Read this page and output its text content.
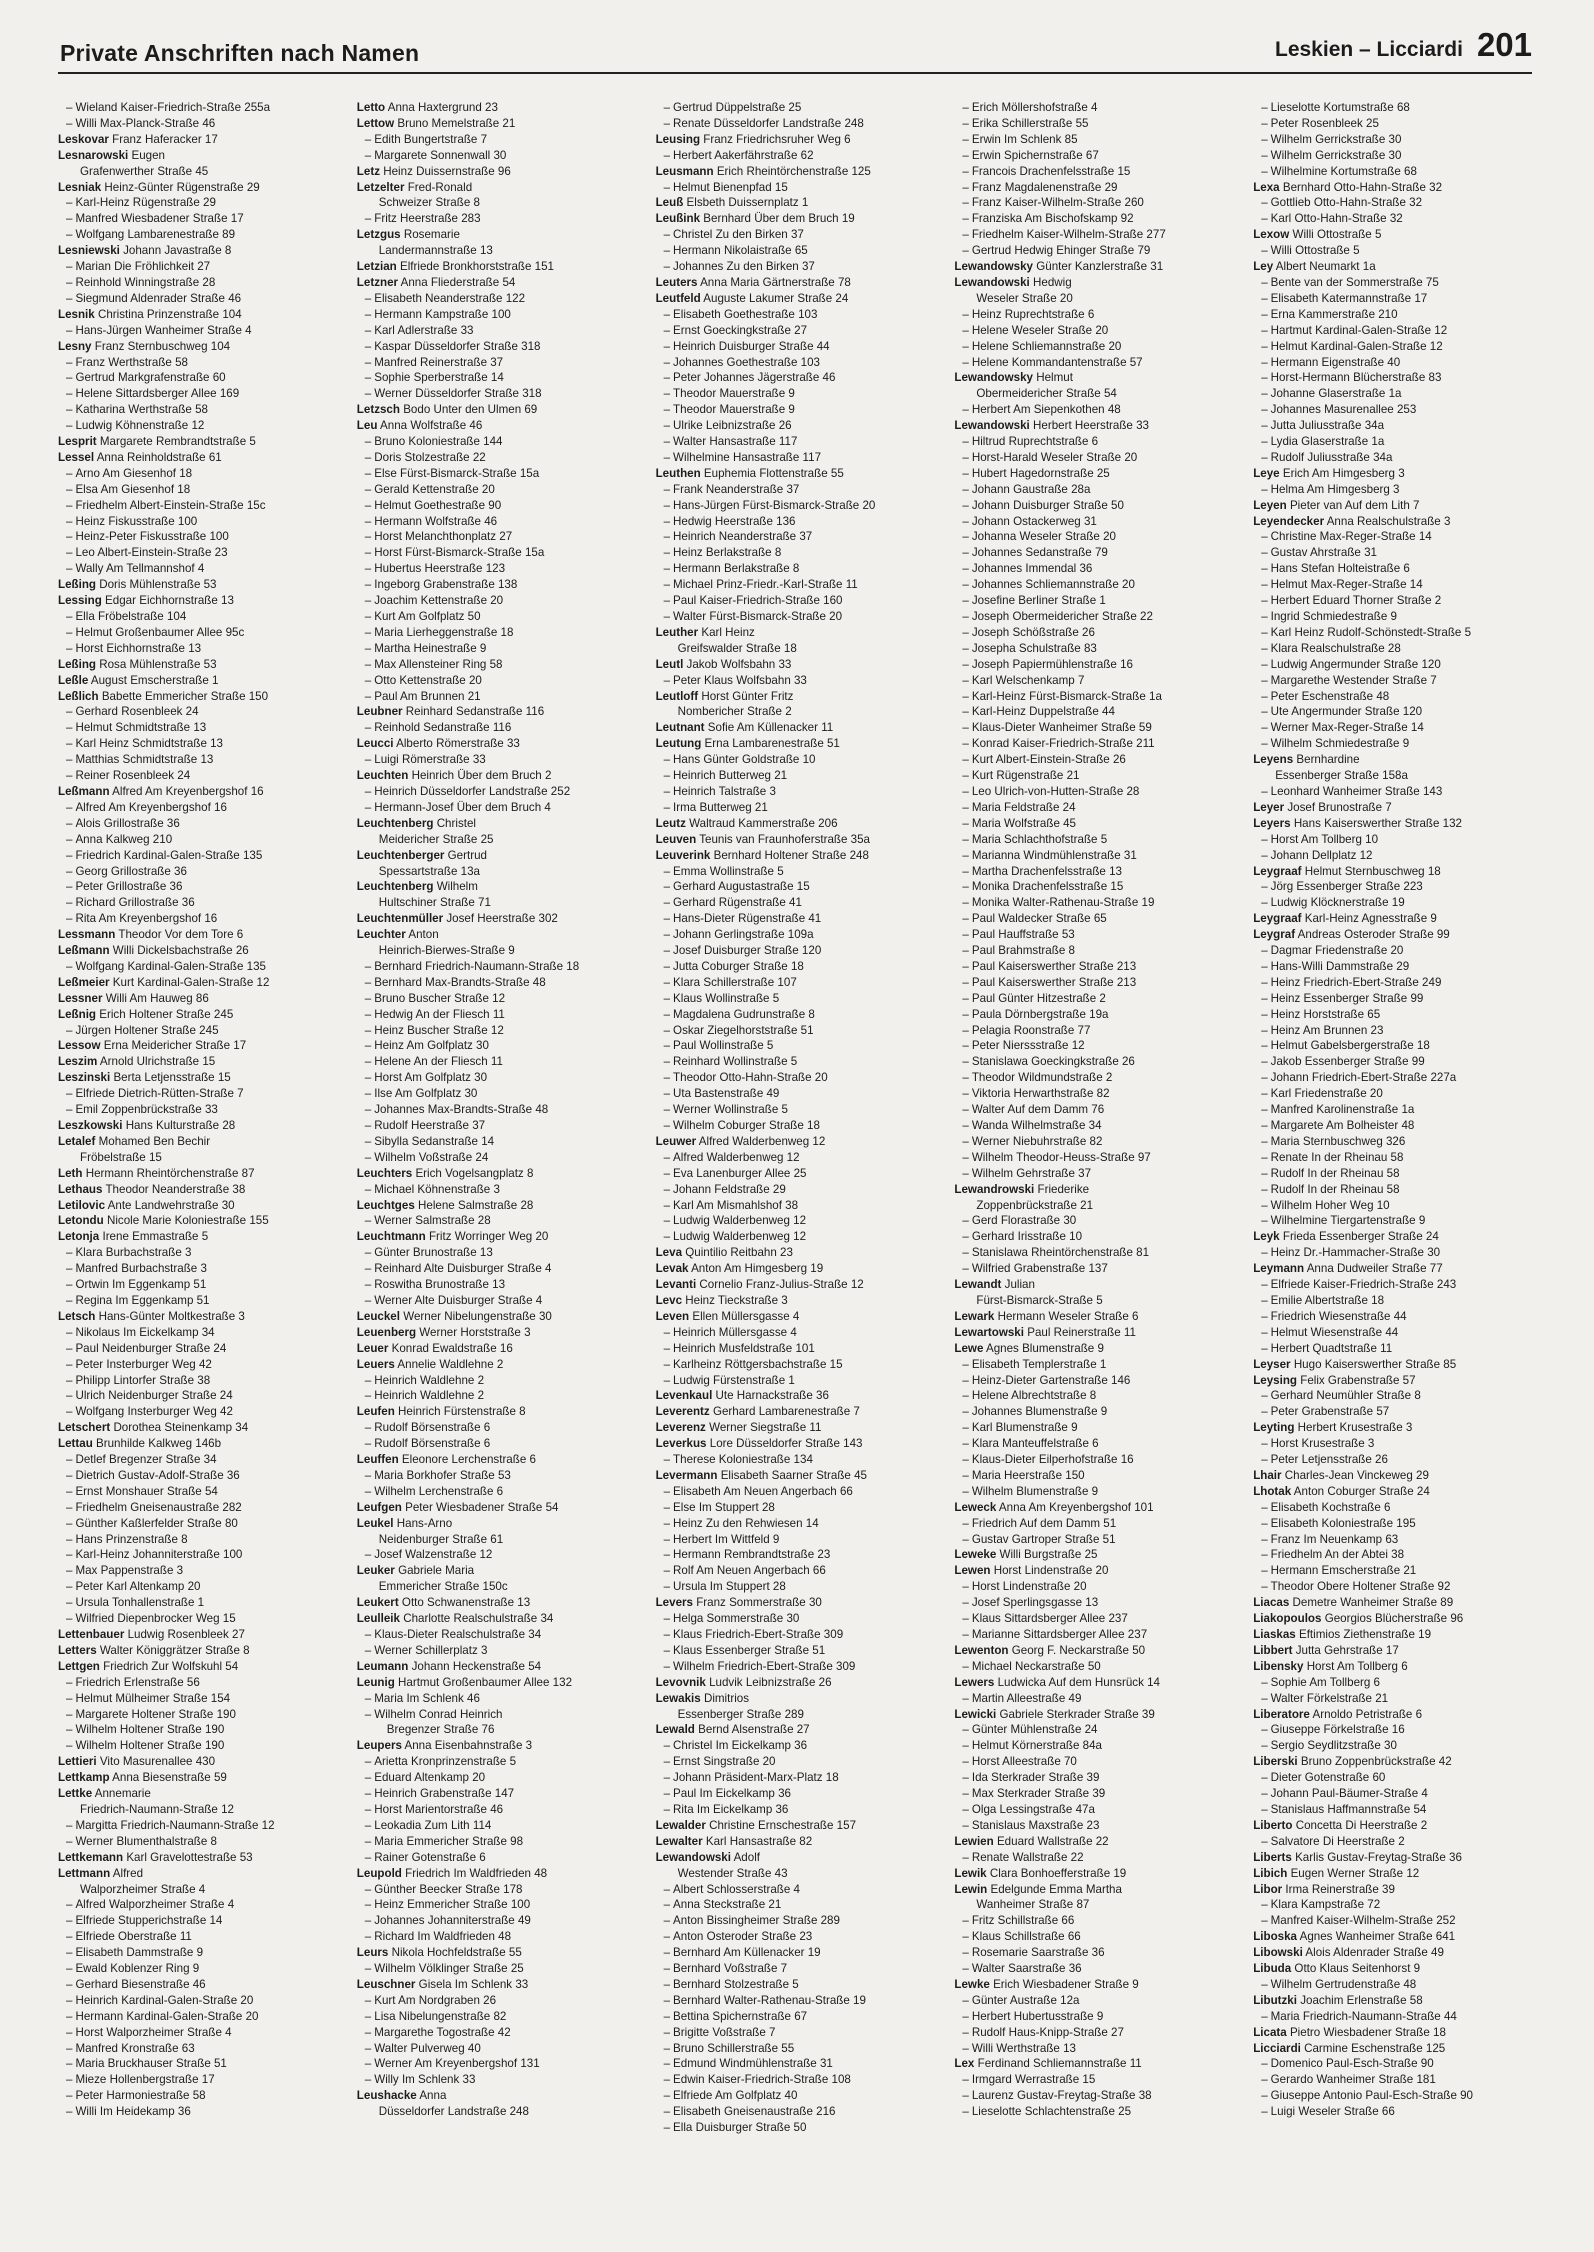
Private Anschriften nach Namen	Leskien – Licciardi 201
– Wieland Kaiser-Friedrich-Straße 255a
– Willi Max-Planck-Straße 46
Leskovar Franz Haferacker 17
Lesnarowski Eugen
Grafenwerther Straße 45
Lesniak Heinz-Günter Rügenstraße 29
– Karl-Heinz Rügenstraße 29
– Manfred Wiesbadener Straße 17
– Wolfgang Lambarenestraße 89
Lesniewski Johann Javastraße 8
– Marian Die Fröhlichkeit 27
– Reinhold Winningstraße 28
– Siegmund Aldenrader Straße 46
Lesnik Christina Prinzenstraße 104
– Hans-Jürgen Wanheimer Straße 4
Lesny Franz Sternbuschweg 104
– Franz Werthstraße 58
– Gertrud Markgrafenstraße 60
– Helene Sittardsberger Allee 169
– Katharina Werthstraße 58
– Ludwig Köhnenstraße 12
Lesprit Margarete Rembrandtstraße 5
Lessel Anna Reinholdstraße 61
– Arno Am Giesenhof 18
– Elsa Am Giesenhof 18
– Friedhelm Albert-Einstein-Straße 15c
– Heinz Fiskusstraße 100
– Heinz-Peter Fiskusstraße 100
– Leo Albert-Einstein-Straße 23
– Wally Am Tellmannshof 4
Leßing Doris Mühlenstraße 53
Lessing Edgar Eichhornstraße 13
– Ella Fröbelstraße 104
– Helmut Großenbaumer Allee 95c
– Horst Eichhornstraße 13
Leßing Rosa Mühlenstraße 53
Leßle August Emscherstraße 1
Leßlich Babette Emmericher Straße 150
– Gerhard Rosenbleek 24
– Helmut Schmidtstraße 13
– Karl Heinz Schmidtstraße 13
– Matthias Schmidtstraße 13
– Reiner Rosenbleek 24
Leßmann Alfred Am Kreyenbergshof 16
– Alfred Am Kreyenbergshof 16
– Alois Grillostraße 36
– Anna Kalkweg 210
– Friedrich Kardinal-Galen-Straße 135
– Georg Grillostraße 36
– Peter Grillostraße 36
– Richard Grillostraße 36
– Rita Am Kreyenbergshof 16
Lessmann Theodor Vor dem Tore 6
Leßmann Willi Dickelsbachstraße 26
– Wolfgang Kardinal-Galen-Straße 135
Leßmeier Kurt Kardinal-Galen-Straße 12
Lessner Willi Am Hauweg 86
Leßnig Erich Holtener Straße 245
– Jürgen Holtener Straße 245
Lessow Erna Meidericher Straße 17
Leszim Arnold Ulrichstraße 15
Leszinski Berta Letjensstraße 15
– Elfriede Dietrich-Rütten-Straße 7
– Emil Zoppenbrückstraße 33
Leszkowski Hans Kulturstraße 28
Letalef Mohamed Ben Bechir
Fröbelstraße 15
Leth Hermann Rheintörchenstraße 87
Lethaus Theodor Neanderstraße 38
Letilovic Ante Landwehrstraße 30
Letondu Nicole Marie Koloniestraße 155
Letonja Irene Emmastraße 5
– Klara Burbachstraße 3
– Manfred Burbachstraße 3
– Ortwin Im Eggenkamp 51
– Regina Im Eggenkamp 51
Letsch Hans-Günter Moltkestraße 3
– Nikolaus Im Eickelkamp 34
– Paul Neidenburger Straße 24
– Peter Insterburger Weg 42
– Philipp Lintorfer Straße 38
– Ulrich Neidenburger Straße 24
– Wolfgang Insterburger Weg 42
Letschert Dorothea Steinenkamp 34
Lettau Brunhilde Kalkweg 146b
– Detlef Bregenzer Straße 34
– Dietrich Gustav-Adolf-Straße 36
– Ernst Monshauer Straße 54
– Friedhelm Gneisenaustraße 282
– Günther Kaßlerfelder Straße 80
– Hans Prinzenstraße 8
– Karl-Heinz Johanniterstraße 100
– Max Pappenstraße 3
– Peter Karl Altenkamp 20
– Ursula Tonhallenstraße 1
– Wilfried Diepenbrocker Weg 15
Lettenbauer Ludwig Rosenbleek 27
Letters Walter Königgrätzer Straße 8
Lettgen Friedrich Zur Wolfskuhl 54
– Friedrich Erlenstraße 56
– Helmut Mülheimer Straße 154
– Margarete Holtener Straße 190
– Wilhelm Holtener Straße 190
– Wilhelm Holtener Straße 190
Lettieri Vito Masurenallee 430
Lettkamp Anna Biesenstraße 59
Lettke Annemarie
Friedrich-Naumann-Straße 12
– Margitta Friedrich-Naumann-Straße 12
– Werner Blumenthalstraße 8
Lettkemann Karl Gravelottestraße 53
Lettmann Alfred
Walporzheimer Straße 4
– Alfred Walporzheimer Straße 4
– Elfriede Stupperichstraße 14
– Elfriede Oberstraße 11
– Elisabeth Dammstraße 9
– Ewald Koblenzer Ring 9
– Gerhard Biesenstraße 46
– Heinrich Kardinal-Galen-Straße 20
– Hermann Kardinal-Galen-Straße 20
– Horst Walporzheimer Straße 4
– Manfred Kronstraße 63
– Maria Bruckhauser Straße 51
– Mieze Hollenbergstraße 17
– Peter Harmoniestraße 58
– Willi Im Heidekamp 36
Letto Anna Haxtergrund 23
Lettow Bruno Memelstraße 21
– Edith Bungertstraße 7
– Margarete Sonnenwall 30
Letz Heinz Duissernstraße 96
Letzelter Fred-Ronald
Schweizer Straße 8
– Fritz Heerstraße 283
Letzgus Rosemarie
Landermannstraße 13
Letzian Elfriede Bronkhorststraße 151
Letzner Anna Fliederstraße 54
– Elisabeth Neanderstraße 122
– Hermann Kampstraße 100
– Karl Adlerstraße 33
– Kaspar Düsseldorfer Straße 318
– Manfred Reinerstraße 37
– Sophie Sperberstraße 14
– Werner Düsseldorfer Straße 318
Letzsch Bodo Unter den Ulmen 69
Leu Anna Wolfstraße 46
– Bruno Koloniestraße 144
– Doris Stolzestraße 22
– Else Fürst-Bismarck-Straße 15a
– Gerald Kettenstraße 20
– Helmut Goethestraße 90
– Hermann Wolfstraße 46
– Horst Melanchthonplatz 27
– Horst Fürst-Bismarck-Straße 15a
– Hubertus Heerstraße 123
– Ingeborg Grabenstraße 138
– Joachim Kettenstraße 20
– Kurt Am Golfplatz 50
– Maria Lierheggenstraße 18
– Martha Heinestraße 9
– Max Allensteiner Ring 58
– Otto Kettenstraße 20
– Paul Am Brunnen 21
Leubner Reinhard Sedanstraße 116
– Reinhold Sedanstraße 116
Leucci Alberto Römerstraße 33
– Luigi Römerstraße 33
Leuchten Heinrich Über dem Bruch 2
– Heinrich Düsseldorfer Landstraße 252
– Hermann-Josef Über dem Bruch 4
Leuchtenberg Christel
Meidericher Straße 25
Leuchtenberger Gertrud
Spessartstraße 13a
Leuchtenberg Wilhelm
Hultschiner Straße 71
Leuchtenmüller Josef Heerstraße 302
Leuchter Anton
Heinrich-Bierwes-Straße 9
– Bernhard Friedrich-Naumann-Straße 18
– Bernhard Max-Brandts-Straße 48
– Bruno Buscher Straße 12
– Hedwig An der Fliesch 11
– Heinz Buscher Straße 12
– Heinz Am Golfplatz 30
– Helene An der Fliesch 11
– Horst Am Golfplatz 30
– Ilse Am Golfplatz 30
– Johannes Max-Brandts-Straße 48
– Rudolf Heerstraße 37
– Sibylla Sedanstraße 14
– Wilhelm Voßstraße 24
Leuchters Erich Vogelsangplatz 8
– Michael Köhnenstraße 3
Leuchtges Helene Salmstraße 28
– Werner Salmstraße 28
Leuchtmann Fritz Worringer Weg 20
– Günter Brunostraße 13
– Reinhard Alte Duisburger Straße 4
– Roswitha Brunostraße 13
– Werner Alte Duisburger Straße 4
Leuckel Werner Nibelungenstraße 30
Leuenberg Werner Horststraße 3
Leuer Konrad Ewaldstraße 16
Leuers Annelie Waldlehne 2
– Heinrich Waldlehne 2
– Heinrich Waldlehne 2
Leufen Heinrich Fürstenstraße 8
– Rudolf Börsenstraße 6
– Rudolf Börsenstraße 6
Leuffen Eleonore Lerchenstraße 6
– Maria Borkhofer Straße 53
– Wilhelm Lerchenstraße 6
Leufgen Peter Wiesbadener Straße 54
Leukel Hans-Arno
Neidenburger Straße 61
– Josef Walzenstraße 12
Leuker Gabriele Maria
Emmericher Straße 150c
Leukert Otto Schwanenstraße 13
Leulleik Charlotte Realschulstraße 34
– Klaus-Dieter Realschulstraße 34
– Werner Schillerplatz 3
Leumann Johann Heckenstraße 54
Leunig Hartmut Großenbaumer Allee 132
– Maria Im Schlenk 46
– Wilhelm Conrad Heinrich
Bregenzer Straße 76
Leupers Anna Eisenbahnstraße 3
– Arietta Kronprinzenstraße 5
– Eduard Altenkamp 20
– Heinrich Grabenstraße 147
– Horst Marientorstraße 46
– Leokadia Zum Lith 114
– Maria Emmericher Straße 98
– Rainer Gotenstraße 6
Leupold Friedrich Im Waldfrieden 48
– Günther Beecker Straße 178
– Heinz Emmericher Straße 100
– Johannes Johanniterstraße 49
– Richard Im Waldfrieden 48
Leurs Nikola Hochfeldstraße 55
– Wilhelm Völklinger Straße 25
Leuschner Gisela Im Schlenk 33
– Kurt Am Nordgraben 26
– Lisa Nibelungenstraße 82
– Margarethe Togostraße 42
– Walter Pulverweg 40
– Werner Am Kreyenbergshof 131
– Willy Im Schlenk 33
Leushacke Anna
Düsseldorfer Landstraße 248
– Gertrud Düppelstraße 25
– Renate Düsseldorfer Landstraße 248
Leusing Franz Friedrichsruher Weg 6
– Herbert Aakerfährstraße 62
Leusmann Erich Rheintörchenstraße 125
– Helmut Bienenpfad 15
Leuß Elsbeth Duissernplatz 1
Leußink Bernhard Über dem Bruch 19
– Christel Zu den Birken 37
– Hermann Nikolaistraße 65
– Johannes Zu den Birken 37
Leuters Anna Maria Gärtnerstraße 78
Leutfeld Auguste Lakumer Straße 24
– Elisabeth Goethestraße 103
– Ernst Goeckingkstraße 27
– Heinrich Duisburger Straße 44
– Johannes Goethestraße 103
– Peter Johannes Jägerstraße 46
– Theodor Mauerstraße 9
– Theodor Mauerstraße 9
– Ulrike Leibnizstraße 26
– Walter Hansastraße 117
– Wilhelmine Hansastraße 117
Leuthen Euphemia Flottenstraße 55
– Frank Neanderstraße 37
– Hans-Jürgen Fürst-Bismarck-Straße 20
– Hedwig Heerstraße 136
– Heinrich Neanderstraße 37
– Heinz Berlakstraße 8
– Hermann Berlakstraße 8
– Michael Prinz-Friedr.-Karl-Straße 11
– Paul Kaiser-Friedrich-Straße 160
– Walter Fürst-Bismarck-Straße 20
Leuther Karl Heinz
Greifswalder Straße 18
Leutl Jakob Wolfsbahn 33
– Peter Klaus Wolfsbahn 33
Leutloff Horst Günter Fritz
Nombericher Straße 2
Leutnant Sofie Am Küllenacker 11
Leutung Erna Lambarenestraße 51
– Hans Günter Goldstraße 10
– Heinrich Butterweg 21
– Heinrich Talstraße 3
– Irma Butterweg 21
Leutz Waltraud Kammerstraße 206
Leuven Teunis van Fraunhoferstraße 35a
Leuverink Bernhard Holtener Straße 248
– Emma Wollinstraße 5
– Gerhard Augustastraße 15
– Gerhard Rügenstraße 41
– Hans-Dieter Rügenstraße 41
– Johann Gerlingstraße 109a
– Josef Duisburger Straße 120
– Jutta Coburger Straße 18
– Klara Schillerstraße 107
– Klaus Wollinstraße 5
– Magdalena Gudrunstraße 8
– Oskar Ziegelhorststraße 51
– Paul Wollinstraße 5
– Reinhard Wollinstraße 5
– Theodor Otto-Hahn-Straße 20
– Uta Bastenstraße 49
– Werner Wollinstraße 5
– Wilhelm Coburger Straße 18
Leuwer Alfred Walderbenweg 12
– Alfred Walderbenweg 12
– Eva Lanenburger Allee 25
– Johann Feldstraße 29
– Karl Am Mismahlshof 38
– Ludwig Walderbenweg 12
– Ludwig Walderbenweg 12
Leva Quintilio Reitbahn 23
Levak Anton Am Himgesberg 19
Levanti Cornelio Franz-Julius-Straße 12
Levc Heinz Tieckstraße 3
Leven Ellen Müllersgasse 4
– Heinrich Müllersgasse 4
– Heinrich Musfeldstraße 101
– Karlheinz Röttgersbachstraße 15
– Ludwig Fürstenstraße 1
Levenkaul Ute Harnackstraße 36
Leverentz Gerhard Lambarenestraße 7
Leverenz Werner Siegstraße 11
Leverkus Lore Düsseldorfer Straße 143
– Therese Koloniestraße 134
Levermann Elisabeth Saarner Straße 45
– Elisabeth Am Neuen Angerbach 66
– Else Im Stuppert 28
– Heinz Zu den Rehwiesen 14
– Herbert Im Wittfeld 9
– Hermann Rembrandtstraße 23
– Rolf Am Neuen Angerbach 66
– Ursula Im Stuppert 28
Levers Franz Sommerstraße 30
– Helga Sommerstraße 30
– Klaus Friedrich-Ebert-Straße 309
– Klaus Essenberger Straße 51
– Wilhelm Friedrich-Ebert-Straße 309
Levovnik Ludvik Leibnizstraße 26
Lewakis Dimitrios
Essenberger Straße 289
Lewald Bernd Alsenstraße 27
– Christel Im Eickelkamp 36
– Ernst Singstraße 20
– Johann Präsident-Marx-Platz 18
– Paul Im Eickelkamp 36
– Rita Im Eickelkamp 36
Lewalder Christine Ernschestraße 157
Lewalter Karl Hansastraße 82
Lewandowski Adolf
Westender Straße 43
– Albert Schlosserstraße 4
– Anna Steckstraße 21
– Anton Bissingheimer Straße 289
– Anton Osteroder Straße 23
– Bernhard Am Küllenacker 19
– Bernhard Voßstraße 7
– Bernhard Stolzestraße 5
– Bernhard Walter-Rathenau-Straße 19
– Bettina Spichernstraße 67
– Brigitte Voßstraße 7
– Bruno Schillerstraße 55
– Edmund Windmühlenstraße 31
– Edwin Kaiser-Friedrich-Straße 108
– Elfriede Am Golfplatz 40
– Elisabeth Gneisenaustraße 216
– Ella Duisburger Straße 50
– Erich Möllershofstraße 4
– Erika Schillerstraße 55
– Erwin Im Schlenk 85
– Erwin Spichernstraße 67
– Francois Drachenfelsstraße 15
– Franz Magdalenenstraße 29
– Franz Kaiser-Wilhelm-Straße 260
– Franziska Am Bischofskamp 92
– Friedhelm Kaiser-Wilhelm-Straße 277
– Gertrud Hedwig Ehinger Straße 79
Lewandowsky Günter Kanzlerstraße 31
Lewandowski Hedwig
Weseler Straße 20
– Heinz Ruprechtstraße 6
– Helene Weseler Straße 20
– Helene Schliemannstraße 20
– Helene Kommandantenstraße 57
Lewandowsky Helmut
Obermeidericher Straße 54
– Herbert Am Siepenkothen 48
Lewandowski Herbert Heerstraße 33
– Hiltrud Ruprechtstraße 6
– Horst-Harald Weseler Straße 20
– Hubert Hagedornstraße 25
– Johann Gaustraße 28a
– Johann Duisburger Straße 50
– Johann Ostackerweg 31
– Johanna Weseler Straße 20
– Johannes Sedanstraße 79
– Johannes Immendal 36
– Johannes Schliemannstraße 20
– Josefine Berliner Straße 1
– Joseph Obermeidericher Straße 22
– Joseph Schößstraße 26
– Josepha Schulstraße 83
– Joseph Papiermühlenstraße 16
– Karl Welschenkamp 7
– Karl-Heinz Fürst-Bismarck-Straße 1a
– Karl-Heinz Duppelstraße 44
– Klaus-Dieter Wanheimer Straße 59
– Konrad Kaiser-Friedrich-Straße 211
– Kurt Albert-Einstein-Straße 26
– Kurt Rügenstraße 21
– Leo Ulrich-von-Hutten-Straße 28
– Maria Feldstraße 24
– Maria Wolfstraße 45
– Maria Schlachthofstraße 5
– Marianna Windmühlenstraße 31
– Martha Drachenfelsstraße 13
– Monika Drachenfelsstraße 15
– Monika Walter-Rathenau-Straße 19
– Paul Waldecker Straße 65
– Paul Hauffstraße 53
– Paul Brahmstraße 8
– Paul Kaiserswerther Straße 213
– Paul Kaiserswerther Straße 213
– Paul Günter Hitzestraße 2
– Paula Dörnbergstraße 19a
– Pelagia Roonstraße 77
– Peter Nierssstraße 12
– Stanislawa Goeckingkstraße 26
– Theodor Wildmundstraße 2
– Viktoria Herwarthstraße 82
– Walter Auf dem Damm 76
– Wanda Wilhelmstraße 34
– Werner Niebuhrstraße 82
– Wilhelm Theodor-Heuss-Straße 97
– Wilhelm Gehrstraße 37
Lewandrowski Friederike
Zoppenbrückstraße 21
– Gerd Florastraße 30
– Gerhard Irisstraße 10
– Stanislawa Rheintörchenstraße 81
– Wilfried Grabenstraße 137
Lewandt Julian
Fürst-Bismarck-Straße 5
Lewark Hermann Weseler Straße 6
Lewartowski Paul Reinerstraße 11
Lewe Agnes Blumenstraße 9
– Elisabeth Templerstraße 1
– Heinz-Dieter Gartenstraße 146
– Helene Albrechtstraße 8
– Johannes Blumenstraße 9
– Karl Blumenstraße 9
– Klara Manteuffelstraße 6
– Klaus-Dieter Eilperhofstraße 16
– Maria Heerstraße 150
– Wilhelm Blumenstraße 9
Leweck Anna Am Kreyenbergshof 101
– Friedrich Auf dem Damm 51
– Gustav Gartroper Straße 51
Leweke Willi Burgstraße 25
Lewen Horst Lindenstraße 20
– Horst Lindenstraße 20
– Josef Sperlingsgasse 13
– Klaus Sittardsberger Allee 237
– Marianne Sittardsberger Allee 237
Lewenton Georg F. Neckarstraße 50
– Michael Neckarstraße 50
Lewers Ludwicka Auf dem Hunsrück 14
– Martin Alleestraße 49
Lewicki Gabriele Sterkrader Straße 39
– Günter Mühlenstraße 24
– Helmut Körnerstraße 84a
– Horst Alleestraße 70
– Ida Sterkrader Straße 39
– Max Sterkrader Straße 39
– Olga Lessingstraße 47a
– Stanislaus Maxstraße 23
Lewien Eduard Wallstraße 22
– Renate Wallstraße 22
Lewik Clara Bonhoefferstraße 19
Lewin Edelgunde Emma Martha
Wanheimer Straße 87
– Fritz Schillstraße 66
– Klaus Schillstraße 66
– Rosemarie Saarstraße 36
– Walter Saarstraße 36
Lewke Erich Wiesbadener Straße 9
– Günter Austraße 12a
– Herbert Hubertusstraße 9
– Rudolf Haus-Knipp-Straße 27
– Willi Werthstraße 13
Lex Ferdinand Schliemannstraße 11
– Irmgard Werrastraße 15
– Laurenz Gustav-Freytag-Straße 38
– Lieselotte Schlachtenstraße 25
– Lieselotte Kortumstraße 68
– Peter Rosenbleek 25
– Wilhelm Gerrickstraße 30
– Wilhelm Gerrickstraße 30
– Wilhelmine Kortumstraße 68
Lexa Bernhard Otto-Hahn-Straße 32
– Gottlieb Otto-Hahn-Straße 32
– Karl Otto-Hahn-Straße 32
Lexow Willi Ottostraße 5
– Willi Ottostraße 5
Ley Albert Neumarkt 1a
– Bente van der Sommerstraße 75
– Elisabeth Katermannstraße 17
– Erna Kammerstraße 210
– Hartmut Kardinal-Galen-Straße 12
– Helmut Kardinal-Galen-Straße 12
– Hermann Eigenstraße 40
– Horst-Hermann Blücherstraße 83
– Johanne Glaserstraße 1a
– Johannes Masurenallee 253
– Jutta Juliusstraße 34a
– Lydia Glaserstraße 1a
– Rudolf Juliusstraße 34a
Leye Erich Am Himgesberg 3
– Helma Am Himgesberg 3
Leyen Pieter van Auf dem Lith 7
Leyendecker Anna Realschulstraße 3
– Christine Max-Reger-Straße 14
– Gustav Ahrstraße 31
– Hans Stefan Holteistraße 6
– Helmut Max-Reger-Straße 14
– Herbert Eduard Thorner Straße 2
– Ingrid Schmiedestraße 9
– Karl Heinz Rudolf-Schönstedt-Straße 5
– Klara Realschulstraße 28
– Ludwig Angermunder Straße 120
– Margarethe Westender Straße 7
– Peter Eschenstraße 48
– Ute Angermunder Straße 120
– Werner Max-Reger-Straße 14
– Wilhelm Schmiedestraße 9
Leyens Bernhardine
Essenberger Straße 158a
– Leonhard Wanheimer Straße 143
Leyer Josef Brunostraße 7
Leyers Hans Kaiserswerther Straße 132
– Horst Am Tollberg 10
– Johann Dellplatz 12
Leygraaf Helmut Sternbuschweg 18
– Jörg Essenberger Straße 223
– Ludwig Klöcknerstraße 19
Leygraaf Karl-Heinz Agnesstraße 9
Leygraf Andreas Osteroder Straße 99
– Dagmar Friedenstraße 20
– Hans-Willi Dammstraße 29
– Heinz Friedrich-Ebert-Straße 249
– Heinz Essenberger Straße 99
– Heinz Horststraße 65
– Heinz Am Brunnen 23
– Helmut Gabelsbergerstraße 18
– Jakob Essenberger Straße 99
– Johann Friedrich-Ebert-Straße 227a
– Karl Friedenstraße 20
– Manfred Karolinenstraße 1a
– Margarete Am Bolheister 48
– Maria Sternbuschweg 326
– Renate In der Rheinau 58
– Rudolf In der Rheinau 58
– Rudolf In der Rheinau 58
– Wilhelm Hoher Weg 10
– Wilhelmine Tiergartenstraße 9
Leyk Frieda Essenberger Straße 24
– Heinz Dr.-Hammacher-Straße 30
Leymann Anna Dudweiler Straße 77
– Elfriede Kaiser-Friedrich-Straße 243
– Emilie Albertstraße 18
– Friedrich Wiesenstraße 44
– Helmut Wiesenstraße 44
– Herbert Quadtstraße 11
Leyser Hugo Kaiserswerther Straße 85
Leysing Felix Grabenstraße 57
– Gerhard Neumühler Straße 8
– Peter Grabenstraße 57
Leyting Herbert Krusestraße 3
– Horst Krusestraße 3
– Peter Letjensstraße 26
Lhair Charles-Jean Vinckeweg 29
Lhotak Anton Coburger Straße 24
– Elisabeth Kochstraße 6
– Elisabeth Koloniestraße 195
– Franz Im Neuenkamp 63
– Friedhelm An der Abtei 38
– Hermann Emscherstraße 21
– Theodor Obere Holtener Straße 92
Liacas Demetre Wanheimer Straße 89
Liakopoulos Georgios Blücherstraße 96
Liaskas Eftimios Ziethenstraße 19
Libbert Jutta Gehrstraße 17
Libensky Horst Am Tollberg 6
– Sophie Am Tollberg 6
– Walter Förkelstraße 21
Liberatore Arnoldo Petristraße 6
– Giuseppe Förkelstraße 16
– Sergio Seydlitzstraße 30
Liberski Bruno Zoppenbrückstraße 42
– Dieter Gotenstraße 60
– Johann Paul-Bäumer-Straße 4
– Stanislaus Haffmannstraße 54
Liberto Concetta Di Heerstraße 2
– Salvatore Di Heerstraße 2
Liberts Karlis Gustav-Freytag-Straße 36
Libich Eugen Werner Straße 12
Libor Irma Reinerstraße 39
– Klara Kampstraße 72
– Manfred Kaiser-Wilhelm-Straße 252
Liboska Agnes Wanheimer Straße 641
Libowski Alois Aldenrader Straße 49
Libuda Otto Klaus Seitenhorst 9
– Wilhelm Gertrudenstraße 48
Libutzki Joachim Erlenstraße 58
– Maria Friedrich-Naumann-Straße 44
Licata Pietro Wiesbadener Straße 18
Licciardi Carmine Eschenstraße 125
– Domenico Paul-Esch-Straße 90
– Gerardo Wanheimer Straße 181
– Giuseppe Antonio Paul-Esch-Straße 90
– Luigi Weseler Straße 66
